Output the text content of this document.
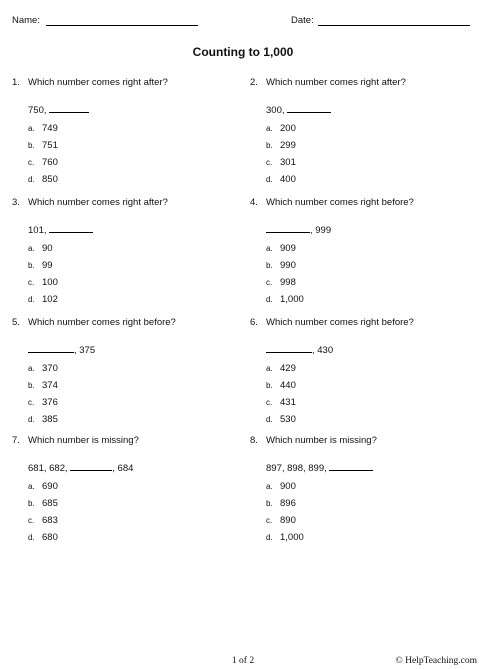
Name:	Date:
Counting to 1,000
1. Which number comes right after?
750,
a. 749
b. 751
c. 760
d. 850
2. Which number comes right after?
300,
a. 200
b. 299
c. 301
d. 400
3. Which number comes right after?
101,
a. 90
b. 99
c. 100
d. 102
4. Which number comes right before?
, 999
a. 909
b. 990
c. 998
d. 1,000
5. Which number comes right before?
, 375
a. 370
b. 374
c. 376
d. 385
6. Which number comes right before?
, 430
a. 429
b. 440
c. 431
d. 530
7. Which number is missing?
681, 682,	, 684
a. 690
b. 685
c. 683
d. 680
8. Which number is missing?
897, 898, 899,
a. 900
b. 896
c. 890
d. 1,000
1 of 2	© HelpTeaching.com
